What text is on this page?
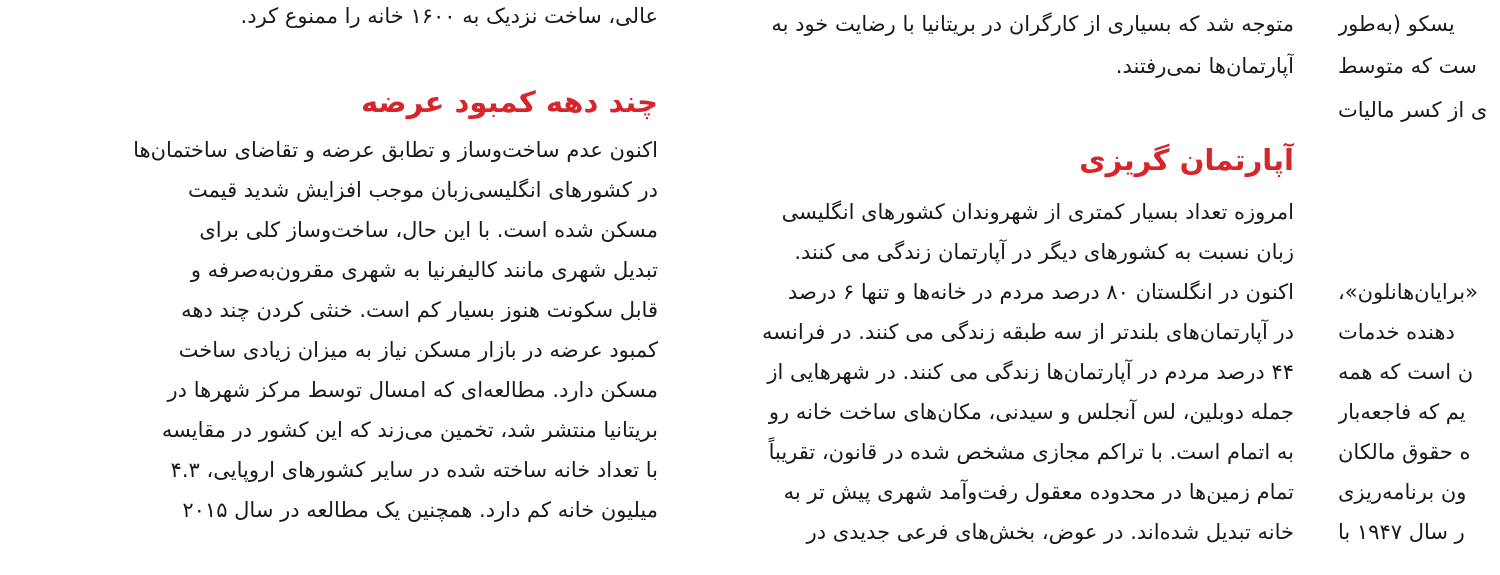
عالی، ساخت نزدیک به ۱۶۰۰ خانه را ممنوع کرد.
چند دهه کمبود عرضه
اکنون عدم ساخت‌وساز و تطابق عرضه و تقاضای ساختمان‌ها
در کشورهای انگلیسی‌زبان موجب افزایش شدید قیمت
مسکن شده است. با این حال، ساخت‌وساز کلی برای
تبدیل شهری مانند کالیفرنیا به شهری مقرون‌به‌صرفه و
قابل سکونت هنوز بسیار کم است. خنثی کردن چند دهه
کمبود عرضه در بازار مسکن نیاز به میزان زیادی ساخت
مسکن دارد. مطالعه‌ای که امسال توسط مرکز شهرها در
بریتانیا منتشر شد، تخمین می‌زند که این کشور در مقایسه
با تعداد خانه ساخته شده در سایر کشورهای اروپایی، ۴.۳
میلیون خانه کم دارد. همچنین یک مطالعه در سال ۲۰۱۵
متوجه شد که بسیاری از کارگران در بریتانیا با رضایت خود به
آپارتمان‌ها نمی‌رفتند.
آپارتمان گریزی
امروزه تعداد بسیار کمتری از شهروندان کشورهای انگلیسی
زبان نسبت به کشورهای دیگر در آپارتمان زندگی می کنند.
اکنون در انگلستان ۸۰ درصد مردم در خانه‌ها و تنها ۶ درصد
در آپارتمان‌های بلندتر از سه طبقه زندگی می کنند. در فرانسه
۴۴ درصد مردم در آپارتمان‌ها زندگی می کنند. در شهرهایی از
جمله دوبلین، لس آنجلس و سیدنی، مکان‌های ساخت خانه رو
به اتمام است. با تراکم مجازی مشخص شده در قانون، تقریباً
تمام زمین‌ها در محدوده معقول رفت‌وآمد شهری پیش تر به
خانه تبدیل شده‌اند. در عوض، بخش‌های فرعی جدیدی در
یسکو (به‌طور
ست که متوسط
ی از کسر مالیات
«برایان‌هانلون»،
دهنده خدمات
ن است که همه
یم که فاجعه‌بار
ه حقوق مالکان
ون برنامه‌ریزی
ر سال ۱۹۴۷ با
